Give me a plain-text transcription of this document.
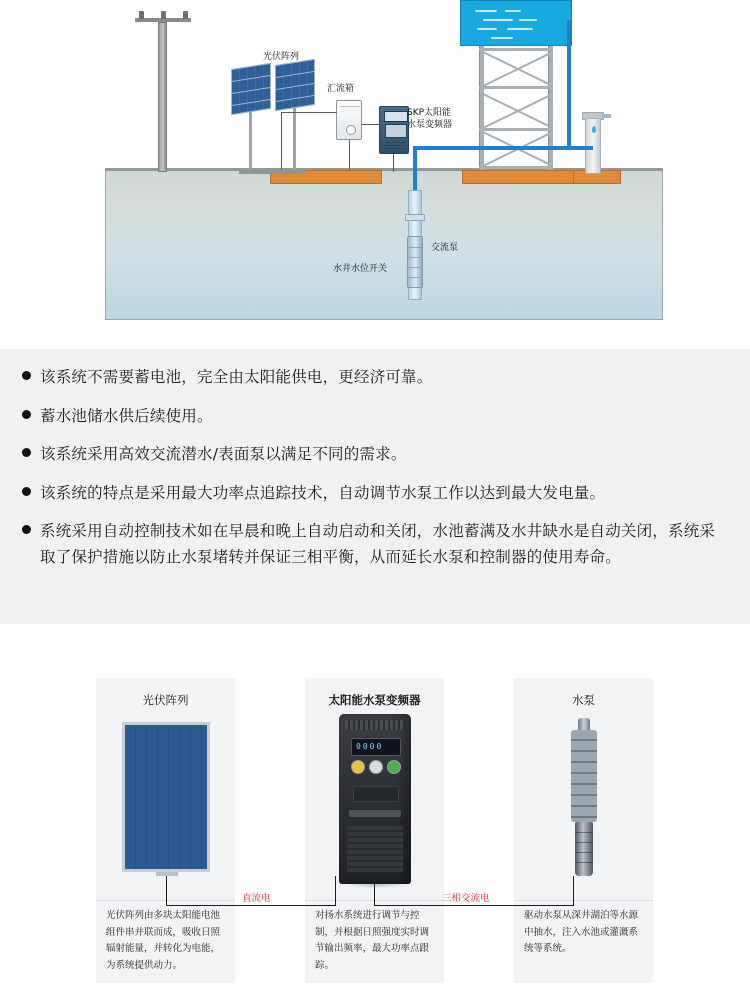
光伏阵列
汇流箱
SKP太阳能
水泵变频器
水井水位开关
交流泵
该系统不需要蓄电池，完全由太阳能供电，更经济可靠。
蓄水池储水供后续使用。
该系统采用高效交流潜水/表面泵以满足不同的需求。
该系统的特点是采用最大功率点追踪技术，自动调节水泵工作以达到最大发电量。
系统采用自动控制技术如在早晨和晚上自动启动和关闭，水池蓄满及水井缺水是自动关闭，系统采取了保护措施以防止水泵堵转并保证三相平衡，从而延长水泵和控制器的使用寿命。
光伏阵列
光伏阵列由多块太阳能电池组件串并联而成，吸收日照辐射能量，并转化为电能，为系统提供动力。
太阳能水泵变频器
0000
对扬水系统进行调节与控制，并根据日照强度实时调节输出频率，最大功率点跟踪。
水泵
驱动水泵从深井湖泊等水源中抽水，注入水池或灌溉系统等系统。
直流电	三相交流电
